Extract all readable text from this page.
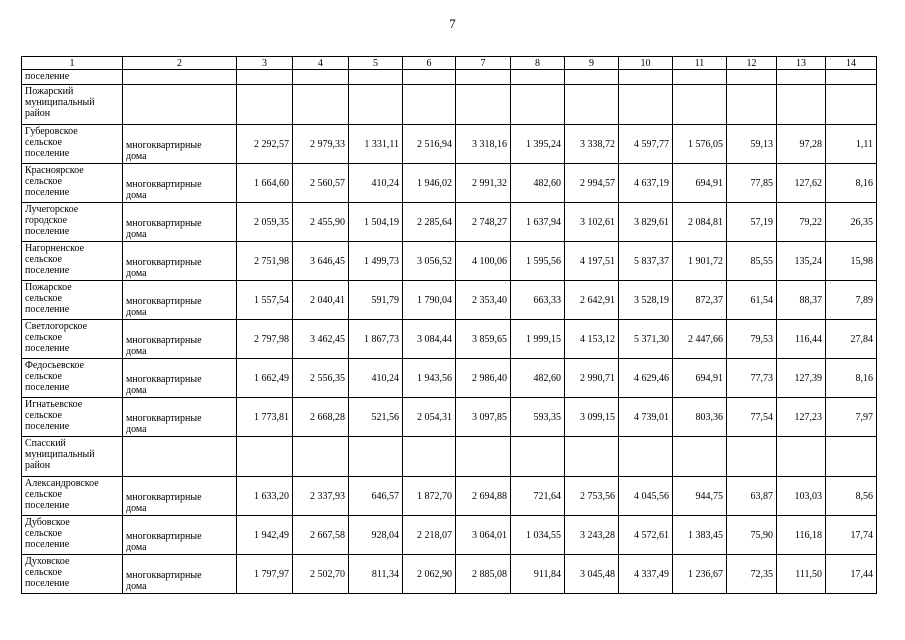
7
1	2	3	4	5	6	7	8	9	10	11	12	13	14

поселение													

Пожарский
муниципальный
район													

Губеровское
сельское
поселение	многоквартирные
дома	2 292,57	2 979,33	1 331,11	2 516,94	3 318,16	1 395,24	3 338,72	4 597,77	1 576,05	59,13	97,28	1,11

Красноярское
сельское
поселение	многоквартирные
дома	1 664,60	2 560,57	410,24	1 946,02	2 991,32	482,60	2 994,57	4 637,19	694,91	77,85	127,62	8,16

Лучегорское
городское
поселение	многоквартирные
дома	2 059,35	2 455,90	1 504,19	2 285,64	2 748,27	1 637,94	3 102,61	3 829,61	2 084,81	57,19	79,22	26,35

Нагорненское
сельское
поселение	многоквартирные
дома	2 751,98	3 646,45	1 499,73	3 056,52	4 100,06	1 595,56	4 197,51	5 837,37	1 901,72	85,55	135,24	15,98

Пожарское
сельское
поселение	многоквартирные
дома	1 557,54	2 040,41	591,79	1 790,04	2 353,40	663,33	2 642,91	3 528,19	872,37	61,54	88,37	7,89

Светлогорское
сельское
поселение	многоквартирные
дома	2 797,98	3 462,45	1 867,73	3 084,44	3 859,65	1 999,15	4 153,12	5 371,30	2 447,66	79,53	116,44	27,84

Федосьевское
сельское
поселение	многоквартирные
дома	1 662,49	2 556,35	410,24	1 943,56	2 986,40	482,60	2 990,71	4 629,46	694,91	77,73	127,39	8,16

Игнатьевское
сельское
поселение	многоквартирные
дома	1 773,81	2 668,28	521,56	2 054,31	3 097,85	593,35	3 099,15	4 739,01	803,36	77,54	127,23	7,97

Спасский
муниципальный
район													

Александровское
сельское
поселение	многоквартирные
дома	1 633,20	2 337,93	646,57	1 872,70	2 694,88	721,64	2 753,56	4 045,56	944,75	63,87	103,03	8,56

Дубовское
сельское
поселение	многоквартирные
дома	1 942,49	2 667,58	928,04	2 218,07	3 064,01	1 034,55	3 243,28	4 572,61	1 383,45	75,90	116,18	17,74

Духовское
сельское
поселение	многоквартирные
дома	1 797,97	2 502,70	811,34	2 062,90	2 885,08	911,84	3 045,48	4 337,49	1 236,67	72,35	111,50	17,44
